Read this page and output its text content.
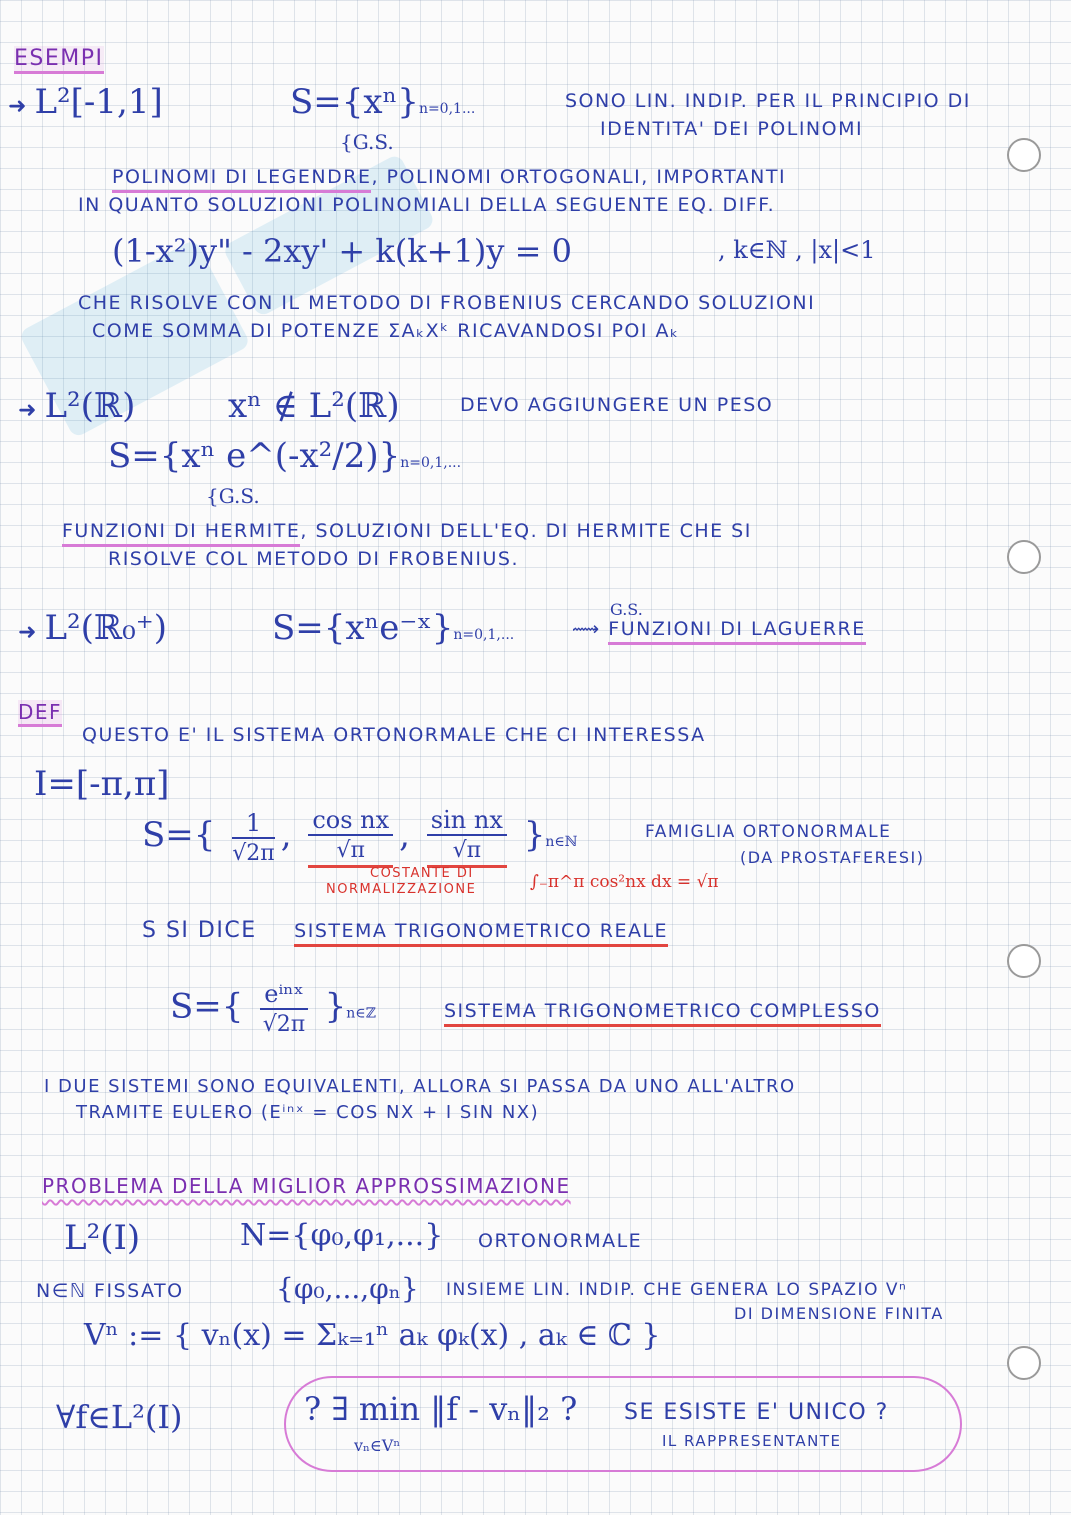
ESEMPI
➜ L²[-1,1]	S={xⁿ}n=0,1...
{G.S.
SONO LIN. INDIP. PER IL PRINCIPIO DI
IDENTITA' DEI POLINOMI
POLINOMI DI LEGENDRE, POLINOMI ORTOGONALI, IMPORTANTI
IN QUANTO SOLUZIONI POLINOMIALI DELLA SEGUENTE EQ. DIFF.
(1-x²)y" - 2xy' + k(k+1)y = 0	, k∈ℕ , |x|<1
CHE RISOLVE CON IL METODO DI FROBENIUS CERCANDO SOLUZIONI
COME SOMMA DI POTENZE ΣAₖXᵏ RICAVANDOSI POI Aₖ
➜ L²(ℝ)	xⁿ ∉ L²(ℝ)	DEVO AGGIUNGERE UN PESO
S={xⁿ e^(-x²/2)}n=0,1,...
{G.S.
FUNZIONI DI HERMITE, SOLUZIONI DELL'EQ. DI HERMITE CHE SI
RISOLVE COL METODO DI FROBENIUS.
➜ L²(ℝ₀⁺)	S={xⁿe⁻ˣ}n=0,1,...
G.S.
⟿ FUNZIONI DI LAGUERRE
DEF
QUESTO E' IL SISTEMA ORTONORMALE CHE CI INTERESSA
I=[-π,π]
$S=\{ \frac{1}{√2\pi}$ , $\frac{\text{cos nx}}{√\pi}$ , $\frac{\text{sin nx}}{√\pi}$ }n∈ℕ	FAMIGLIA ORTONORMALE
(DA PROSTAFERESI)
COSTANTE DI
NORMALIZZAZIONE	∫₋π^π cos²nx dx = √π
S SI DICE SISTEMA TRIGONOMETRICO REALE
$S=\{ \frac{\text{eⁱⁿˣ}}{√2\pi}$ }n∈ℤ	SISTEMA TRIGONOMETRICO COMPLESSO
I DUE SISTEMI SONO EQUIVALENTI, ALLORA SI PASSA DA UNO ALL'ALTRO
TRAMITE EULERO (Eⁱⁿˣ = COS NX + I SIN NX)
PROBLEMA DELLA MIGLIOR APPROSSIMAZIONE
L²(I)	N={φ₀,φ₁,...} ORTONORMALE
N∈ℕ FISSATO	{φ₀,...,φₙ} INSIEME LIN. INDIP. CHE GENERA LO SPAZIO Vⁿ
DI DIMENSIONE FINITA
Vⁿ := { vₙ(x) = Σₖ₌₁ⁿ aₖ φₖ(x) , aₖ ∈ ℂ }
∀f∈L²(I)	? ∃ min ‖f - vₙ‖₂ ?
vₙ∈Vⁿ
SE ESISTE E' UNICO ?
IL RAPPRESENTANTE
